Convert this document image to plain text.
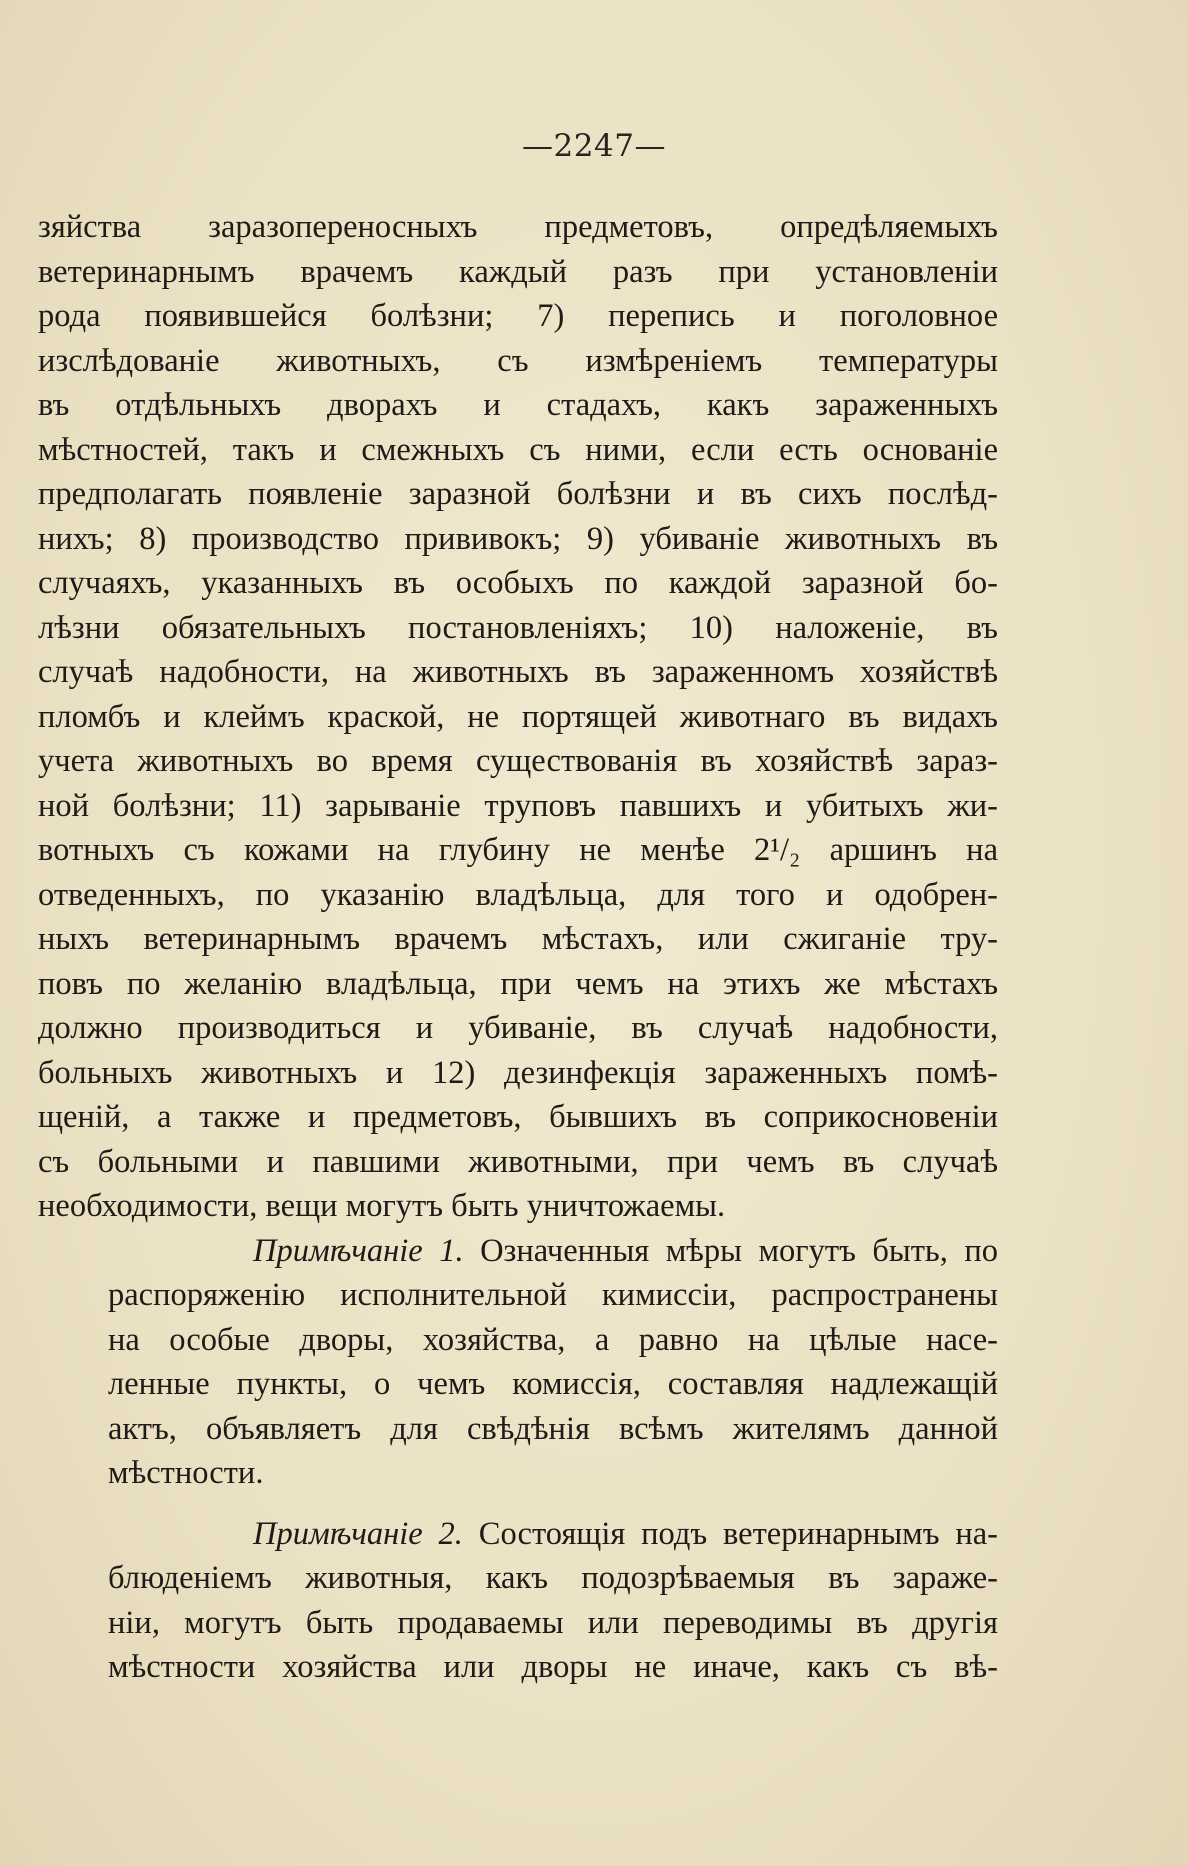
—2247—
зяйства заразопереносныхъ предметовъ, опредѣляемыхъ
ветеринарнымъ врачемъ каждый разъ при установленіи
рода появившейся болѣзни; 7) перепись и поголовное
изслѣдованіе животныхъ, съ измѣреніемъ температуры
въ отдѣльныхъ дворахъ и стадахъ, какъ зараженныхъ
мѣстностей, такъ и смежныхъ съ ними, если есть основаніе
предполагать появленіе заразной болѣзни и въ сихъ послѣд-
нихъ; 8) производство прививокъ; 9) убиваніе животныхъ въ
случаяхъ, указанныхъ въ особыхъ по каждой заразной бо-
лѣзни обязательныхъ постановленіяхъ; 10) наложеніе, въ
случаѣ надобности, на животныхъ въ зараженномъ хозяйствѣ
пломбъ и клеймъ краской, не портящей животнаго въ видахъ
учета животныхъ во время существованія въ хозяйствѣ зараз-
ной болѣзни; 11) зарываніе труповъ павшихъ и убитыхъ жи-
вотныхъ съ кожами на глубину не менѣе 2¹/₂ аршинъ на
отведенныхъ, по указанію владѣльца, для того и одобрен-
ныхъ ветеринарнымъ врачемъ мѣстахъ, или сжиганіе тру-
повъ по желанію владѣльца, при чемъ на этихъ же мѣстахъ
должно производиться и убиваніе, въ случаѣ надобности,
больныхъ животныхъ и 12) дезинфекція зараженныхъ помѣ-
щеній, а также и предметовъ, бывшихъ въ соприкосновеніи
съ больными и павшими животными, при чемъ въ случаѣ
необходимости, вещи могутъ быть уничтожаемы.
Примѣчаніе 1. Означенныя мѣры могутъ быть, по
распоряженію исполнительной кимиссіи, распространены
на особые дворы, хозяйства, а равно на цѣлые насе-
ленные пункты, о чемъ комиссія, составляя надлежащій
актъ, объявляетъ для свѣдѣнія всѣмъ жителямъ данной
мѣстности.
Примѣчаніе 2. Состоящія подъ ветеринарнымъ на-
блюденіемъ животныя, какъ подозрѣваемыя въ зараже-
ніи, могутъ быть продаваемы или переводимы въ другія
мѣстности хозяйства или дворы не иначе, какъ съ вѣ-
